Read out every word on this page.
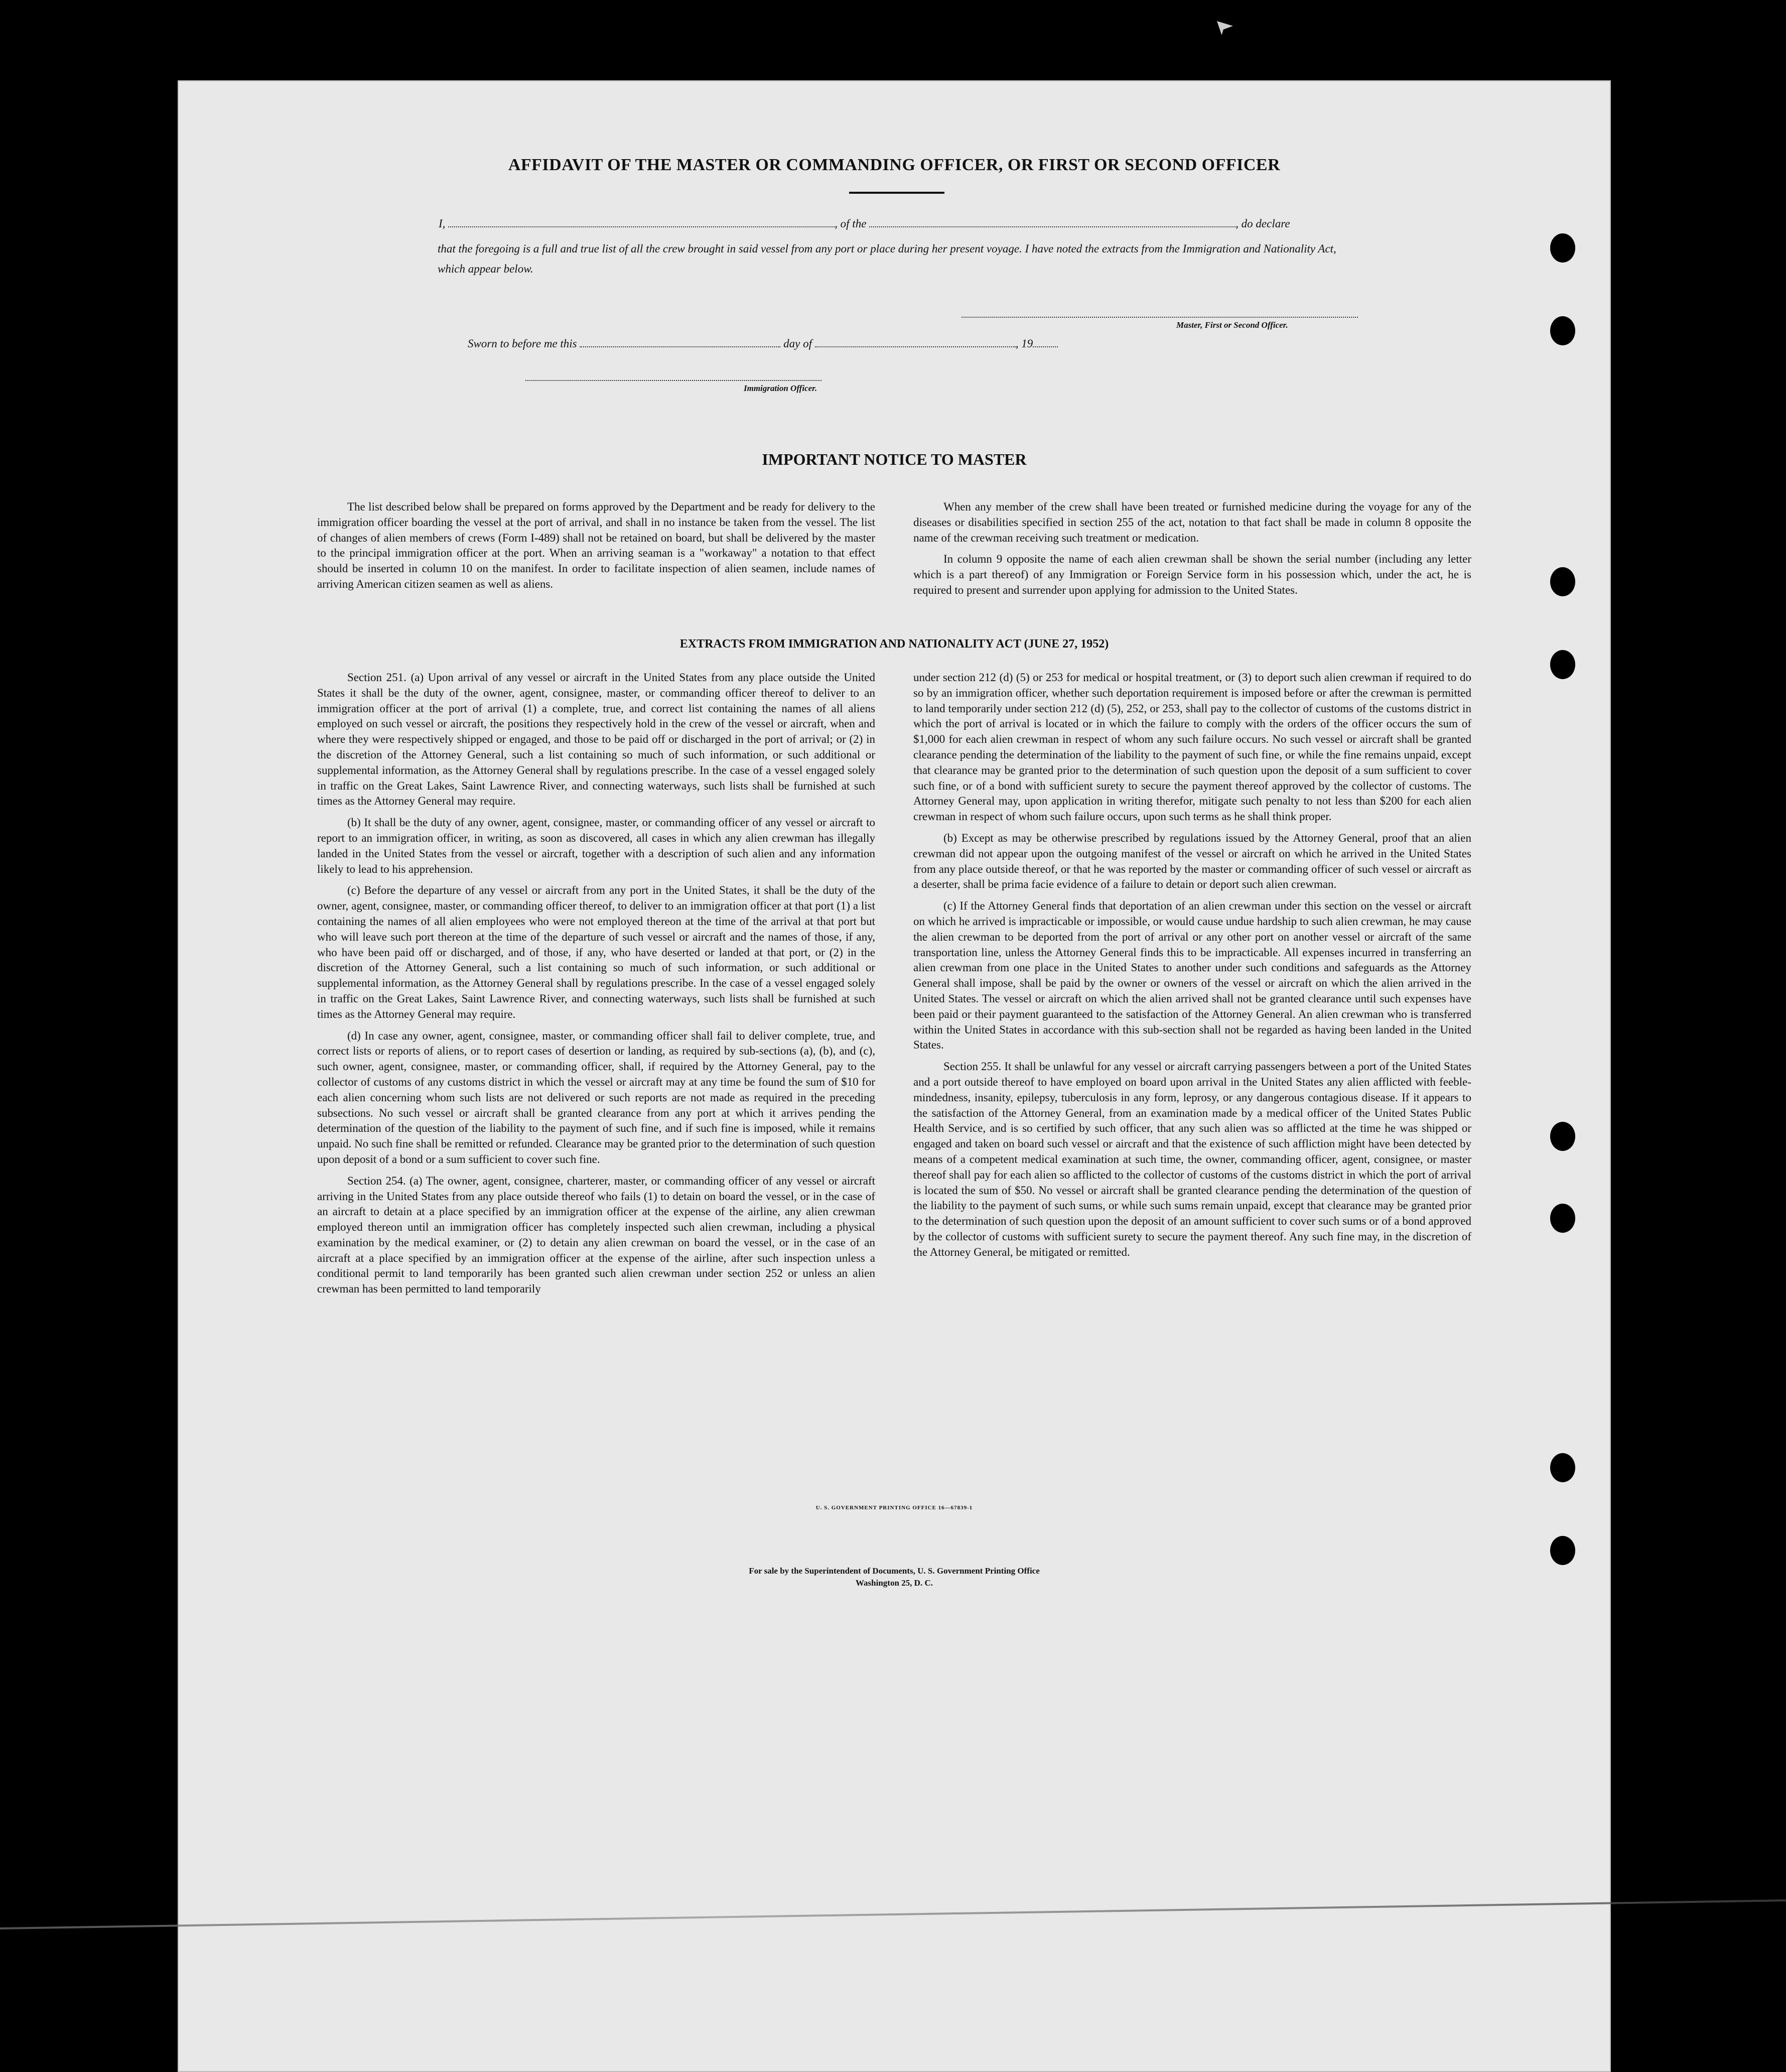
AFFIDAVIT OF THE MASTER OR COMMANDING OFFICER, OR FIRST OR SECOND OFFICER
I,	, of the	, do declare
that the foregoing is a full and true list of all the crew brought in said vessel from any port or place during her present voyage. I have noted the extracts from the Immigration and Nationality Act, which appear below.
Master, First or Second Officer.
Sworn to before me this	day of	, 19
Immigration Officer.
IMPORTANT NOTICE TO MASTER

The list described below shall be prepared on forms approved by the Department and be ready for delivery to the immigration officer boarding the vessel at the port of arrival, and shall in no instance be taken from the vessel. The list of changes of alien members of crews (Form I-489) shall not be retained on board, but shall be delivered by the master to the principal immigration officer at the port. When an arriving seaman is a "workaway" a notation to that effect should be inserted in column 10 on the manifest. In order to facilitate inspection of alien seamen, include names of arriving American citizen seamen as well as aliens.

When any member of the crew shall have been treated or furnished medicine during the voyage for any of the diseases or disabilities specified in section 255 of the act, notation to that fact shall be made in column 8 opposite the name of the crewman receiving such treatment or medication.

In column 9 opposite the name of each alien crewman shall be shown the serial number (including any letter which is a part thereof) of any Immigration or Foreign Service form in his possession which, under the act, he is required to present and surrender upon applying for admission to the United States.

EXTRACTS FROM IMMIGRATION AND NATIONALITY ACT (JUNE 27, 1952)

Section 251. (a) Upon arrival of any vessel or aircraft in the United States from any place outside the United States it shall be the duty of the owner, agent, consignee, master, or commanding officer thereof to deliver to an immigration officer at the port of arrival (1) a complete, true, and correct list containing the names of all aliens employed on such vessel or aircraft, the positions they respectively hold in the crew of the vessel or aircraft, when and where they were respectively shipped or engaged, and those to be paid off or discharged in the port of arrival; or (2) in the discretion of the Attorney General, such a list containing so much of such information, or such additional or supplemental information, as the Attorney General shall by regulations prescribe. In the case of a vessel engaged solely in traffic on the Great Lakes, Saint Lawrence River, and connecting waterways, such lists shall be furnished at such times as the Attorney General may require.

(b) It shall be the duty of any owner, agent, consignee, master, or commanding officer of any vessel or aircraft to report to an immigration officer, in writing, as soon as discovered, all cases in which any alien crewman has illegally landed in the United States from the vessel or aircraft, together with a description of such alien and any information likely to lead to his apprehension.

(c) Before the departure of any vessel or aircraft from any port in the United States, it shall be the duty of the owner, agent, consignee, master, or commanding officer thereof, to deliver to an immigration officer at that port (1) a list containing the names of all alien employees who were not employed thereon at the time of the arrival at that port but who will leave such port thereon at the time of the departure of such vessel or aircraft and the names of those, if any, who have been paid off or discharged, and of those, if any, who have deserted or landed at that port, or (2) in the discretion of the Attorney General, such a list containing so much of such information, or such additional or supplemental information, as the Attorney General shall by regulations prescribe. In the case of a vessel engaged solely in traffic on the Great Lakes, Saint Lawrence River, and connecting waterways, such lists shall be furnished at such times as the Attorney General may require.

(d) In case any owner, agent, consignee, master, or commanding officer shall fail to deliver complete, true, and correct lists or reports of aliens, or to report cases of desertion or landing, as required by sub-sections (a), (b), and (c), such owner, agent, consignee, master, or commanding officer, shall, if required by the Attorney General, pay to the collector of customs of any customs district in which the vessel or aircraft may at any time be found the sum of $10 for each alien concerning whom such lists are not delivered or such reports are not made as required in the preceding subsections. No such vessel or aircraft shall be granted clearance from any port at which it arrives pending the determination of the question of the liability to the payment of such fine, and if such fine is imposed, while it remains unpaid. No such fine shall be remitted or refunded. Clearance may be granted prior to the determination of such question upon deposit of a bond or a sum sufficient to cover such fine.

Section 254. (a) The owner, agent, consignee, charterer, master, or commanding officer of any vessel or aircraft arriving in the United States from any place outside thereof who fails (1) to detain on board the vessel, or in the case of an aircraft to detain at a place specified by an immigration officer at the expense of the airline, any alien crewman employed thereon until an immigration officer has completely inspected such alien crewman, including a physical examination by the medical examiner, or (2) to detain any alien crewman on board the vessel, or in the case of an aircraft at a place specified by an immigration officer at the expense of the airline, after such inspection unless a conditional permit to land temporarily has been granted such alien crewman under section 252 or unless an alien crewman has been permitted to land temporarily

under section 212 (d) (5) or 253 for medical or hospital treatment, or (3) to deport such alien crewman if required to do so by an immigration officer, whether such deportation requirement is imposed before or after the crewman is permitted to land temporarily under section 212 (d) (5), 252, or 253, shall pay to the collector of customs of the customs district in which the port of arrival is located or in which the failure to comply with the orders of the officer occurs the sum of $1,000 for each alien crewman in respect of whom any such failure occurs. No such vessel or aircraft shall be granted clearance pending the determination of the liability to the payment of such fine, or while the fine remains unpaid, except that clearance may be granted prior to the determination of such question upon the deposit of a sum sufficient to cover such fine, or of a bond with sufficient surety to secure the payment thereof approved by the collector of customs. The Attorney General may, upon application in writing therefor, mitigate such penalty to not less than $200 for each alien crewman in respect of whom such failure occurs, upon such terms as he shall think proper.

(b) Except as may be otherwise prescribed by regulations issued by the Attorney General, proof that an alien crewman did not appear upon the outgoing manifest of the vessel or aircraft on which he arrived in the United States from any place outside thereof, or that he was reported by the master or commanding officer of such vessel or aircraft as a deserter, shall be prima facie evidence of a failure to detain or deport such alien crewman.

(c) If the Attorney General finds that deportation of an alien crewman under this section on the vessel or aircraft on which he arrived is impracticable or impossible, or would cause undue hardship to such alien crewman, he may cause the alien crewman to be deported from the port of arrival or any other port on another vessel or aircraft of the same transportation line, unless the Attorney General finds this to be impracticable. All expenses incurred in transferring an alien crewman from one place in the United States to another under such conditions and safeguards as the Attorney General shall impose, shall be paid by the owner or owners of the vessel or aircraft on which the alien arrived in the United States. The vessel or aircraft on which the alien arrived shall not be granted clearance until such expenses have been paid or their payment guaranteed to the satisfaction of the Attorney General. An alien crewman who is transferred within the United States in accordance with this sub-section shall not be regarded as having been landed in the United States.

Section 255. It shall be unlawful for any vessel or aircraft carrying passengers between a port of the United States and a port outside thereof to have employed on board upon arrival in the United States any alien afflicted with feeble-mindedness, insanity, epilepsy, tuberculosis in any form, leprosy, or any dangerous contagious disease. If it appears to the satisfaction of the Attorney General, from an examination made by a medical officer of the United States Public Health Service, and is so certified by such officer, that any such alien was so afflicted at the time he was shipped or engaged and taken on board such vessel or aircraft and that the existence of such affliction might have been detected by means of a competent medical examination at such time, the owner, commanding officer, agent, consignee, or master thereof shall pay for each alien so afflicted to the collector of customs of the customs district in which the port of arrival is located the sum of $50. No vessel or aircraft shall be granted clearance pending the determination of the question of the liability to the payment of such sums, or while such sums remain unpaid, except that clearance may be granted prior to the determination of such question upon the deposit of an amount sufficient to cover such sums or of a bond approved by the collector of customs with sufficient surety to secure the payment thereof. Any such fine may, in the discretion of the Attorney General, be mitigated or remitted.

U. S. GOVERNMENT PRINTING OFFICE 16—67839-1
For sale by the Superintendent of Documents, U. S. Government Printing Office
Washington 25, D. C.
